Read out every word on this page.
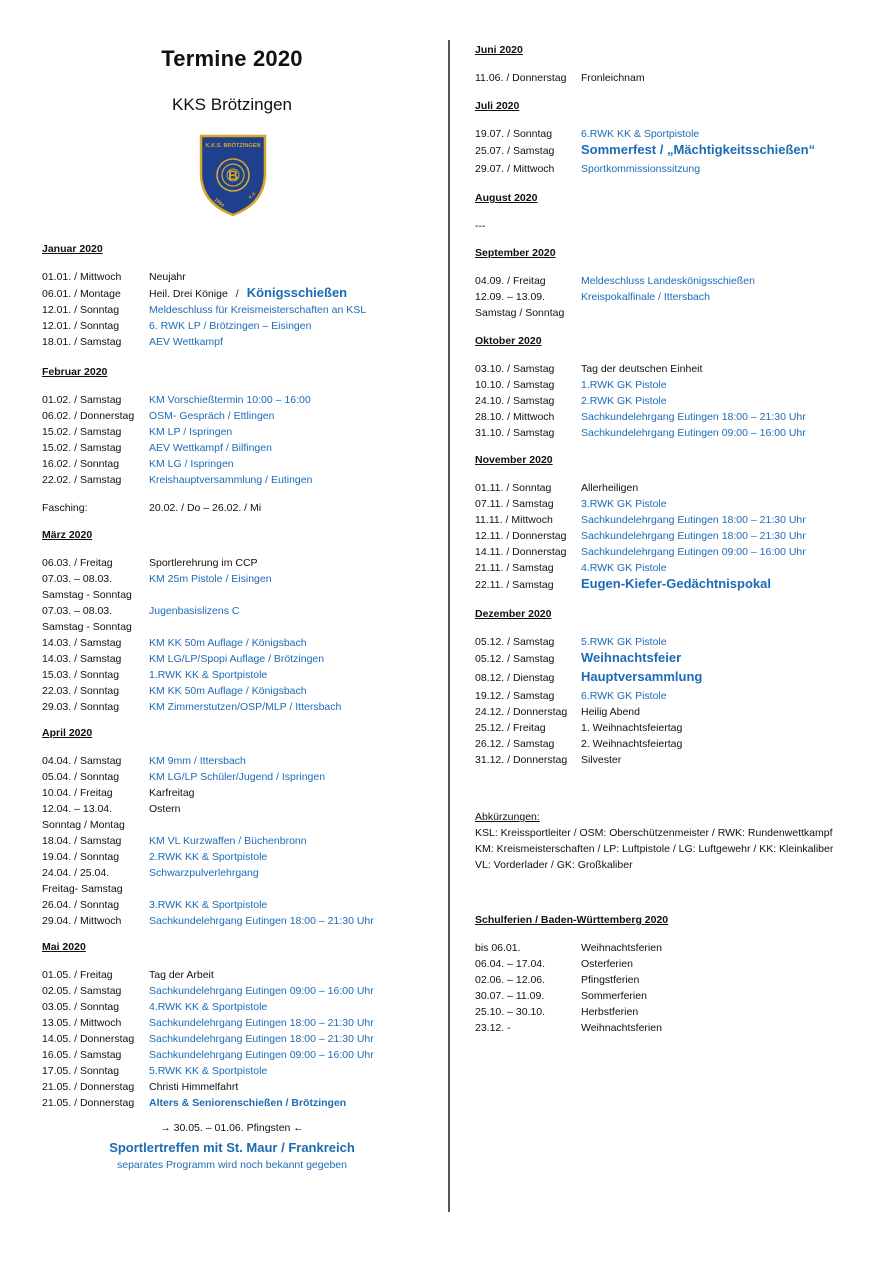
Termine 2020
KKS Brötzingen
K.K.S. BRÖTZINGEN
B
1964
e.V.
Januar 2020
01.01. / Mittwoch	Neujahr
06.01. / Montage	Heil. Drei Könige / Königsschießen
12.01. / Sonntag	Meldeschluss für Kreismeisterschaften an KSL
12.01. / Sonntag	6. RWK LP / Brötzingen – Eisingen
18.01. / Samstag	AEV Wettkampf
Februar 2020
01.02. / Samstag	KM Vorschießtermin 10:00 – 16:00
06.02. / Donnerstag	OSM- Gespräch / Ettlingen
15.02. / Samstag	KM LP / Ispringen
15.02. / Samstag	AEV Wettkampf / Bilfingen
16.02. / Sonntag	KM LG / Ispringen
22.02. / Samstag	Kreishauptversammlung / Eutingen
Fasching:	20.02. / Do – 26.02. / Mi
März 2020
06.03. / Freitag	Sportlerehrung im CCP
07.03. – 08.03.	KM 25m Pistole / Eisingen
Samstag - Sonntag
07.03. – 08.03.	Jugenbasislizens C
Samstag - Sonntag
14.03. / Samstag	KM KK 50m Auflage / Königsbach
14.03. / Samstag	KM LG/LP/Spopi Auflage / Brötzingen
15.03. / Sonntag	1.RWK KK & Sportpistole
22.03. / Sonntag	KM KK 50m Auflage / Königsbach
29.03. / Sonntag	KM Zimmerstutzen/OSP/MLP / Ittersbach
April 2020
04.04. / Samstag	KM 9mm / Ittersbach
05.04. / Sonntag	KM LG/LP Schüler/Jugend / Ispringen
10.04. / Freitag	Karfreitag
12.04. – 13.04.	Ostern
Sonntag / Montag
18.04. / Samstag	KM VL Kurzwaffen / Büchenbronn
19.04. / Sonntag	2.RWK KK & Sportpistole
24.04. / 25.04.	Schwarzpulverlehrgang
Freitag- Samstag
26.04. / Sonntag	3.RWK KK & Sportpistole
29.04. / Mittwoch	Sachkundelehrgang Eutingen 18:00 – 21:30 Uhr
Mai 2020
01.05. / Freitag	Tag der Arbeit
02.05. / Samstag	Sachkundelehrgang Eutingen 09:00 – 16:00 Uhr
03.05. / Sonntag	4.RWK KK & Sportpistole
13.05. / Mittwoch	Sachkundelehrgang Eutingen 18:00 – 21:30 Uhr
14.05. / Donnerstag	Sachkundelehrgang Eutingen 18:00 – 21:30 Uhr
16.05. / Samstag	Sachkundelehrgang Eutingen 09:00 – 16:00 Uhr
17.05. / Sonntag	5.RWK KK & Sportpistole
21.05. / Donnerstag	Christi Himmelfahrt
21.05. / Donnerstag	Alters & Seniorenschießen / Brötzingen
→ 30.05. – 01.06. Pfingsten ←
Sportlertreffen mit St. Maur / Frankreich
separates Programm wird noch bekannt gegeben
Juni 2020
11.06. / Donnerstag	Fronleichnam
Juli 2020
19.07. / Sonntag	6.RWK KK & Sportpistole
25.07. / Samstag	Sommerfest / „Mächtigkeitsschießen“
29.07. / Mittwoch	Sportkommissionssitzung
August 2020
---
September 2020
04.09. / Freitag	Meldeschluss Landeskönigsschießen
12.09. – 13.09.	Kreispokalfinale / Ittersbach
Samstag / Sonntag
Oktober 2020
03.10. / Samstag	Tag der deutschen Einheit
10.10. / Samstag	1.RWK GK Pistole
24.10. / Samstag	2.RWK GK Pistole
28.10. / Mittwoch	Sachkundelehrgang Eutingen 18:00 – 21:30 Uhr
31.10. / Samstag	Sachkundelehrgang Eutingen 09:00 – 16:00 Uhr
November 2020
01.11. / Sonntag	Allerheiligen
07.11. / Samstag	3.RWK GK Pistole
11.11. / Mittwoch	Sachkundelehrgang Eutingen 18:00 – 21:30 Uhr
12.11. / Donnerstag	Sachkundelehrgang Eutingen 18:00 – 21:30 Uhr
14.11. / Donnerstag	Sachkundelehrgang Eutingen 09:00 – 16:00 Uhr
21.11. / Samstag	4.RWK GK Pistole
22.11. / Samstag	Eugen-Kiefer-Gedächtnispokal
Dezember 2020
05.12. / Samstag	5.RWK GK Pistole
05.12. / Samstag	Weihnachtsfeier
08.12. / Dienstag	Hauptversammlung
19.12. / Samstag	6.RWK GK Pistole
24.12. / Donnerstag	Heilig Abend
25.12. / Freitag	1. Weihnachtsfeiertag
26.12. / Samstag	2. Weihnachtsfeiertag
31.12. / Donnerstag	Silvester
Abkürzungen:
KSL: Kreissportleiter / OSM: Oberschützenmeister / RWK: Rundenwettkampf
KM: Kreismeisterschaften / LP: Luftpistole / LG: Luftgewehr / KK: Kleinkaliber
VL: Vorderlader / GK: Großkaliber
Schulferien / Baden-Württemberg 2020
bis 06.01.	Weihnachtsferien
06.04. – 17.04.	Osterferien
02.06. – 12.06.	Pfingstferien
30.07. – 11.09.	Sommerferien
25.10. – 30.10.	Herbstferien
23.12. -	Weihnachtsferien
